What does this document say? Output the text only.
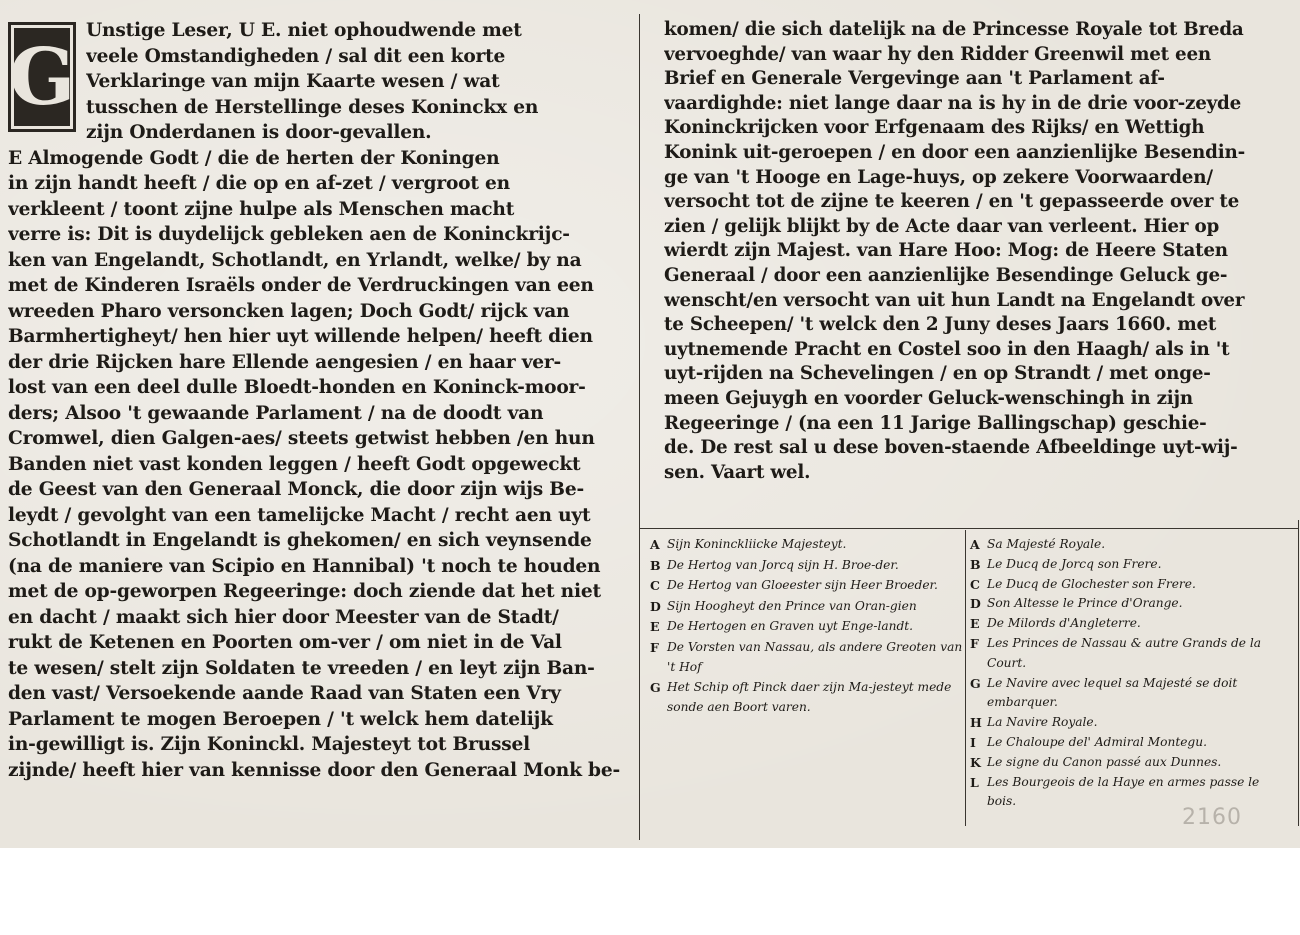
G
Unstige Leser, U E. niet ophoudwende met
veele Omstandigheden / sal dit een korte
Verklaringe van mijn Kaarte wesen / wat
tusschen de Herstellinge deses Koninckx en
zijn Onderdanen is door-gevallen.
E Almogende Godt / die de herten der Koningen
in zijn handt heeft / die op en af-zet / vergroot en
verkleent / toont zijne hulpe als Menschen macht
verre is: Dit is duydelijck gebleken aen de Koninckrijc-
ken van Engelandt, Schotlandt, en Yrlandt, welke/ by na
met de Kinderen Israëls onder de Verdruckingen van een
wreeden Pharo versoncken lagen; Doch Godt/ rijck van
Barmhertigheyt/ hen hier uyt willende helpen/ heeft dien
der drie Rijcken hare Ellende aengesien / en haar ver-
lost van een deel dulle Bloedt-honden en Koninck-moor-
ders; Alsoo 't gewaande Parlament / na de doodt van
Cromwel, dien Galgen-aes/ steets getwist hebben /en hun
Banden niet vast konden leggen / heeft Godt opgeweckt
de Geest van den Generaal Monck, die door zijn wijs Be-
leydt / gevolght van een tamelijcke Macht / recht aen uyt
Schotlandt in Engelandt is ghekomen/ en sich veynsende
(na de maniere van Scipio en Hannibal) 't noch te houden
met de op-geworpen Regeeringe: doch ziende dat het niet
en dacht / maakt sich hier door Meester van de Stadt/
rukt de Ketenen en Poorten om-ver / om niet in de Val
te wesen/ stelt zijn Soldaten te vreeden / en leyt zijn Ban-
den vast/ Versoekende aande Raad van Staten een Vry
Parlament te mogen Beroepen / 't welck hem datelijk
in-gewilligt is. Zijn Koninckl. Majesteyt tot Brussel
zijnde/ heeft hier van kennisse door den Generaal Monk be-
komen/ die sich datelijk na de Princesse Royale tot Breda
vervoeghde/ van waar hy den Ridder Greenwil met een
Brief en Generale Vergevinge aan 't Parlament af-
vaardighde: niet lange daar na is hy in de drie voor-zeyde
Koninckrijcken voor Erfgenaam des Rijks/ en Wettigh
Konink uit-geroepen / en door een aanzienlijke Besendin-
ge van 't Hooge en Lage-huys, op zekere Voorwaarden/
versocht tot de zijne te keeren / en 't gepasseerde over te
zien / gelijk blijkt by de Acte daar van verleent. Hier op
wierdt zijn Majest. van Hare Hoo: Mog: de Heere Staten
Generaal / door een aanzienlijke Besendinge Geluck ge-
wenscht/en versocht van uit hun Landt na Engelandt over
te Scheepen/ 't welck den 2 Juny deses Jaars 1660. met
uytnemende Pracht en Costel soo in den Haagh/ als in 't
uyt-rijden na Schevelingen / en op Strandt / met onge-
meen Gejuygh en voorder Geluck-wenschingh in zijn
Regeeringe / (na een 11 Jarige Ballingschap) geschie-
de. De rest sal u dese boven-staende Afbeeldinge uyt-wij-
sen. Vaart wel.
A Sijn Koninckliicke Majesteyt.
B De Hertog van Jorcq sijn H. Broe-der.
C De Hertog van Gloeester sijn Heer Broeder.
D Sijn Hoogheyt den Prince van Oran-gien
E De Hertogen en Graven uyt Enge-landt.
F De Vorsten van Nassau, als andere Greoten van 't Hof
G Het Schip oft Pinck daer zijn Ma-jesteyt mede sonde aen Boort varen.
A Sa Majesté Royale.
B Le Ducq de Jorcq son Frere.
C Le Ducq de Glochester son Frere.
D Son Altesse le Prince d'Orange.
E De Milords d'Angleterre.
F Les Princes de Nassau & autre Grands de la Court.
G Le Navire avec lequel sa Majesté se doit embarquer.
H La Navire Royale.
I Le Chaloupe del' Admiral Montegu.
K Le signe du Canon passé aux Dunnes.
L Les Bourgeois de la Haye en armes passe le bois.
2160
